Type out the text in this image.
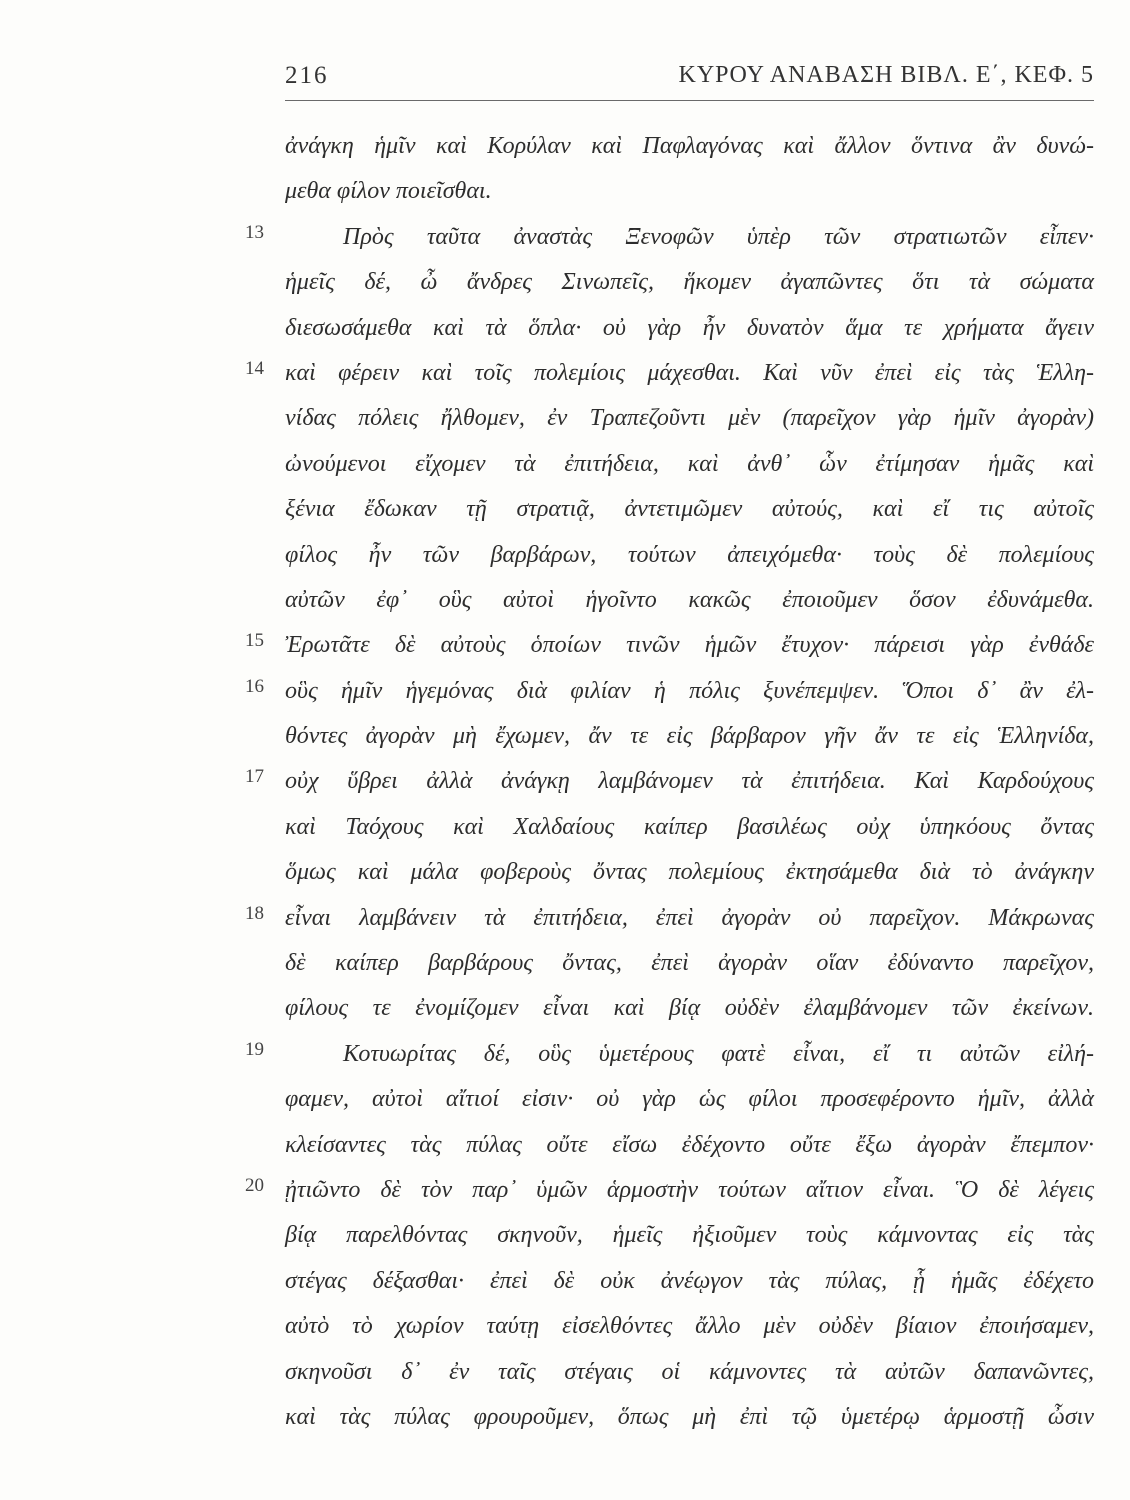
216	ΚΥΡΟΥ ΑΝΑΒΑΣΗ ΒΙΒΛ. Ε΄, ΚΕΦ. 5
ἀνάγκη ἡμῖν καὶ Κορύλαν καὶ Παφλαγόνας καὶ ἄλλον ὅντινα ἂν δυνώ-
μεθα φίλον ποιεῖσθαι.
13	Πρὸς ταῦτα ἀναστὰς Ξενοφῶν ὑπὲρ τῶν στρατιωτῶν εἶπεν·
ἡμεῖς δέ, ὦ ἄνδρες Σινωπεῖς, ἥκομεν ἀγαπῶντες ὅτι τὰ σώματα
διεσωσάμεθα καὶ τὰ ὅπλα· οὐ γὰρ ἦν δυνατὸν ἅμα τε χρήματα ἄγειν
14 καὶ φέρειν καὶ τοῖς πολεμίοις μάχεσθαι. Καὶ νῦν ἐπεὶ εἰς τὰς Ἑλλη-
νίδας πόλεις ἤλθομεν, ἐν Τραπεζοῦντι μὲν (παρεῖχον γὰρ ἡμῖν ἀγορὰν)
ὠνούμενοι εἴχομεν τὰ ἐπιτήδεια, καὶ ἀνθ᾽ ὧν ἐτίμησαν ἡμᾶς καὶ
ξένια ἔδωκαν τῇ στρατιᾷ, ἀντετιμῶμεν αὐτούς, καὶ εἴ τις αὐτοῖς
φίλος ἦν τῶν βαρβάρων, τούτων ἀπειχόμεθα· τοὺς δὲ πολεμίους
αὐτῶν ἐφ᾽ οὓς αὐτοὶ ἡγοῖντο κακῶς ἐποιοῦμεν ὅσον ἐδυνάμεθα.
15 Ἐρωτᾶτε δὲ αὐτοὺς ὁποίων τινῶν ἡμῶν ἔτυχον· πάρεισι γὰρ ἐνθάδε
16 οὓς ἡμῖν ἡγεμόνας διὰ φιλίαν ἡ πόλις ξυνέπεμψεν. Ὅποι δ᾽ ἂν ἐλ-
θόντες ἀγορὰν μὴ ἔχωμεν, ἄν τε εἰς βάρβαρον γῆν ἄν τε εἰς Ἑλληνίδα,
17 οὐχ ὕβρει ἀλλὰ ἀνάγκῃ λαμβάνομεν τὰ ἐπιτήδεια. Καὶ Καρδούχους
καὶ Ταόχους καὶ Χαλδαίους καίπερ βασιλέως οὐχ ὑπηκόους ὄντας
ὅμως καὶ μάλα φοβεροὺς ὄντας πολεμίους ἐκτησάμεθα διὰ τὸ ἀνάγκην
18 εἶναι λαμβάνειν τὰ ἐπιτήδεια, ἐπεὶ ἀγορὰν οὐ παρεῖχον. Μάκρωνας
δὲ καίπερ βαρβάρους ὄντας, ἐπεὶ ἀγορὰν οἵαν ἐδύναντο παρεῖχον,
φίλους τε ἐνομίζομεν εἶναι καὶ βίᾳ οὐδὲν ἐλαμβάνομεν τῶν ἐκείνων.
19	Κοτυωρίτας δέ, οὓς ὑμετέρους φατὲ εἶναι, εἴ τι αὐτῶν εἰλή-
φαμεν, αὐτοὶ αἴτιοί εἰσιν· οὐ γὰρ ὡς φίλοι προσεφέροντο ἡμῖν, ἀλλὰ
κλείσαντες τὰς πύλας οὔτε εἴσω ἐδέχοντο οὔτε ἔξω ἀγορὰν ἔπεμπον·
20 ᾐτιῶντο δὲ τὸν παρ᾽ ὑμῶν ἁρμοστὴν τούτων αἴτιον εἶναι. Ὃ δὲ λέγεις
βίᾳ παρελθόντας σκηνοῦν, ἡμεῖς ἠξιοῦμεν τοὺς κάμνοντας εἰς τὰς
στέγας δέξασθαι· ἐπεὶ δὲ οὐκ ἀνέῳγον τὰς πύλας, ᾗ ἡμᾶς ἐδέχετο
αὐτὸ τὸ χωρίον ταύτῃ εἰσελθόντες ἄλλο μὲν οὐδὲν βίαιον ἐποιήσαμεν,
σκηνοῦσι δ᾽ ἐν ταῖς στέγαις οἱ κάμνοντες τὰ αὐτῶν δαπανῶντες,
καὶ τὰς πύλας φρουροῦμεν, ὅπως μὴ ἐπὶ τῷ ὑμετέρῳ ἁρμοστῇ ὦσιν
